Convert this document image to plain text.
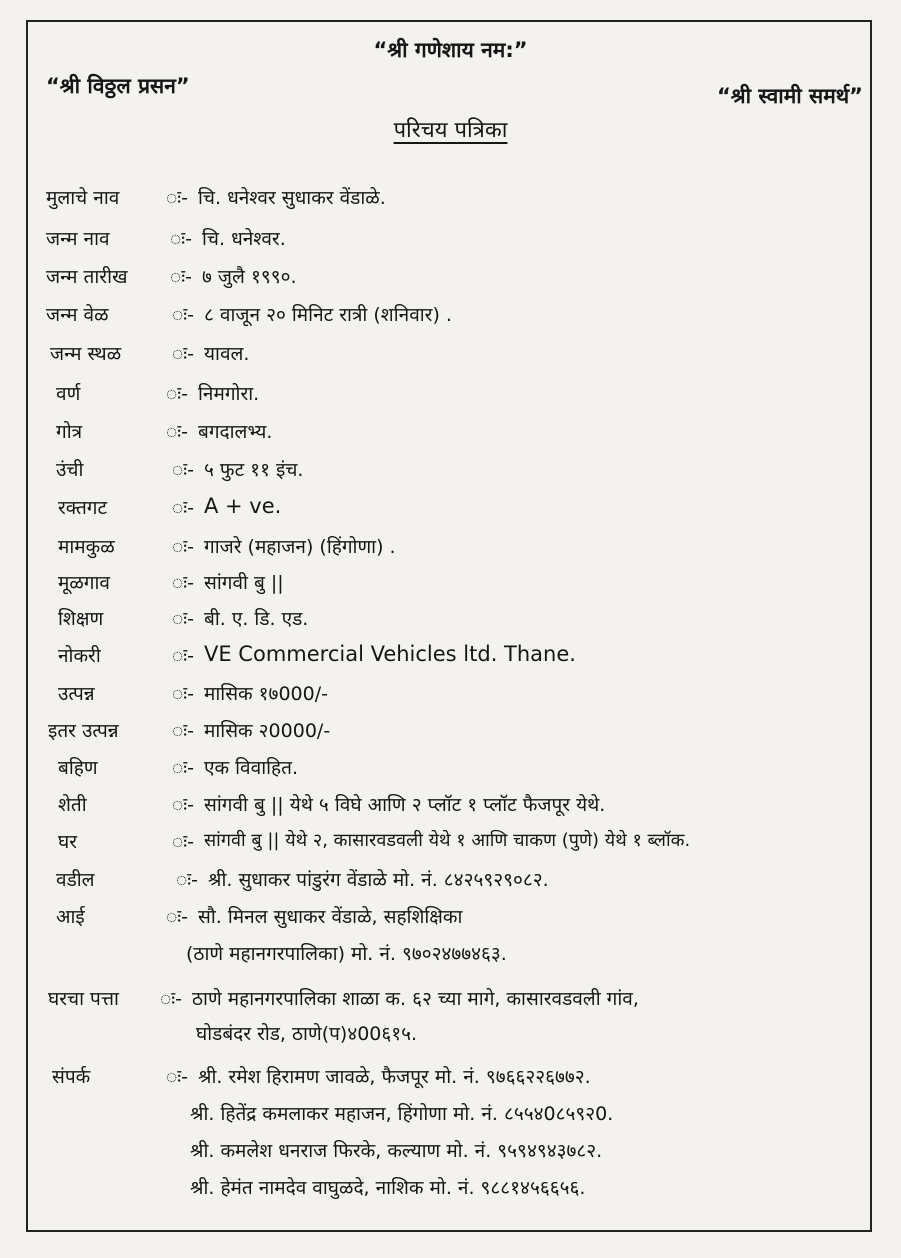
“श्री गणेशाय नम:”
“श्री विठ्ठल प्रसन”	“श्री स्वामी समर्थ”
परिचय पत्रिका
मुलाचे नाव ः- चि. धनेश्वर सुधाकर वेंडाळे.
जन्म नाव	ः- चि. धनेश्वर.
जन्म तारीख ः- ७ जुलै १९९०.
जन्म वेळ	ः- ८ वाजून २० मिनिट रात्री (शनिवार) .
जन्म स्थळ	ः- यावल.
वर्ण	ः- निमगोरा.
गोत्र	ः- बगदालभ्य.
उंची	ः- ५ फुट ११ इंच.
रक्तगट	ः- A + ve.
मामकुळ	ः- गाजरे (महाजन) (हिंगोणा) .
मूळगाव	ः- सांगवी बु ||
शिक्षण	ः- बी. ए. डि. एड.
नोकरी	ः- VE Commercial Vehicles ltd. Thane.
उत्पन्न	ः- मासिक १७000/-
इतर उत्पन्न	ः- मासिक २0000/-
बहिण	ः- एक विवाहित.
शेती	ः- सांगवी बु || येथे ५ विघे आणि २ प्लॉट १ प्लॉट फैजपूर येथे.
घर	ः- सांगवी बु || येथे २, कासारवडवली येथे १ आणि चाकण (पुणे) येथे १ ब्लॉक.
वडील	ः- श्री. सुधाकर पांडुरंग वेंडाळे मो. नं. ८४२५९२९०८२.
आई	ः- सौ. मिनल सुधाकर वेंडाळे, सहशिक्षिका
(ठाणे महानगरपालिका) मो. नं. ९७०२४७७४६३.
घरचा पत्ता ः- ठाणे महानगरपालिका शाळा क. ६२ च्या मागे, कासारवडवली गांव,
घोडबंदर रोड, ठाणे(प)४00६१५.
संपर्क	ः- श्री. रमेश हिरामण जावळे, फैजपूर मो. नं. ९७६६२२६७७२.
श्री. हितेंद्र कमलाकर महाजन, हिंगोणा मो. नं. ८५५४0८५९२0.
श्री. कमलेश धनराज फिरके, कल्याण मो. नं. ९५९४९४३७८२.
श्री. हेमंत नामदेव वाघुळदे, नाशिक मो. नं. ९८८१४५६६५६.
